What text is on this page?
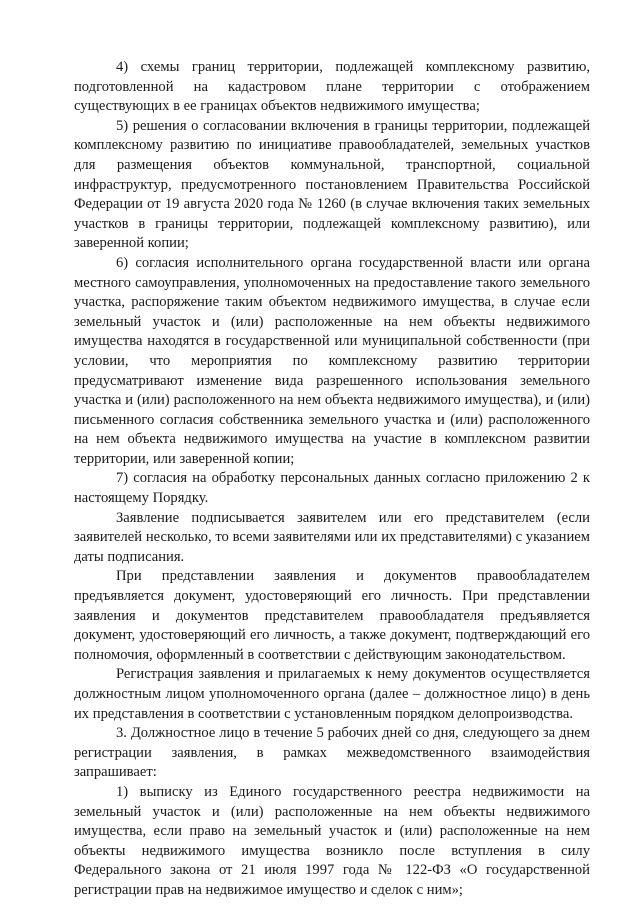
4) схемы границ территории, подлежащей комплексному развитию, подготовленной на кадастровом плане территории с отображением существующих в ее границах объектов недвижимого имущества;

5) решения о согласовании включения в границы территории, подлежащей комплексному развитию по инициативе правообладателей, земельных участков для размещения объектов коммунальной, транспортной, социальной инфраструктур, предусмотренного постановлением Правительства Российской Федерации от 19 августа 2020 года № 1260 (в случае включения таких земельных участков в границы территории, подлежащей комплексному развитию), или заверенной копии;

6) согласия исполнительного органа государственной власти или органа местного самоуправления, уполномоченных на предоставление такого земельного участка, распоряжение таким объектом недвижимого имущества, в случае если земельный участок и (или) расположенные на нем объекты недвижимого имущества находятся в государственной или муниципальной собственности (при условии, что мероприятия по комплексному развитию территории предусматривают изменение вида разрешенного использования земельного участка и (или) расположенного на нем объекта недвижимого имущества), и (или) письменного согласия собственника земельного участка и (или) расположенного на нем объекта недвижимого имущества на участие в комплексном развитии территории, или заверенной копии;

7) согласия на обработку персональных данных согласно приложению 2 к настоящему Порядку.

Заявление подписывается заявителем или его представителем (если заявителей несколько, то всеми заявителями или их представителями) с указанием даты подписания.

При представлении заявления и документов правообладателем предъявляется документ, удостоверяющий его личность. При представлении заявления и документов представителем правообладателя предъявляется документ, удостоверяющий его личность, а также документ, подтверждающий его полномочия, оформленный в соответствии с действующим законодательством.

Регистрация заявления и прилагаемых к нему документов осуществляется должностным лицом уполномоченного органа (далее – должностное лицо) в день их представления в соответствии с установленным порядком делопроизводства.

3. Должностное лицо в течение 5 рабочих дней со дня, следующего за днем регистрации заявления, в рамках межведомственного взаимодействия запрашивает:

1) выписку из Единого государственного реестра недвижимости на земельный участок и (или) расположенные на нем объекты недвижимого имущества, если право на земельный участок и (или) расположенные на нем объекты недвижимого имущества возникло после вступления в силу Федерального закона от 21 июля 1997 года № 122-ФЗ «О государственной регистрации прав на недвижимое имущество и сделок с ним»;
